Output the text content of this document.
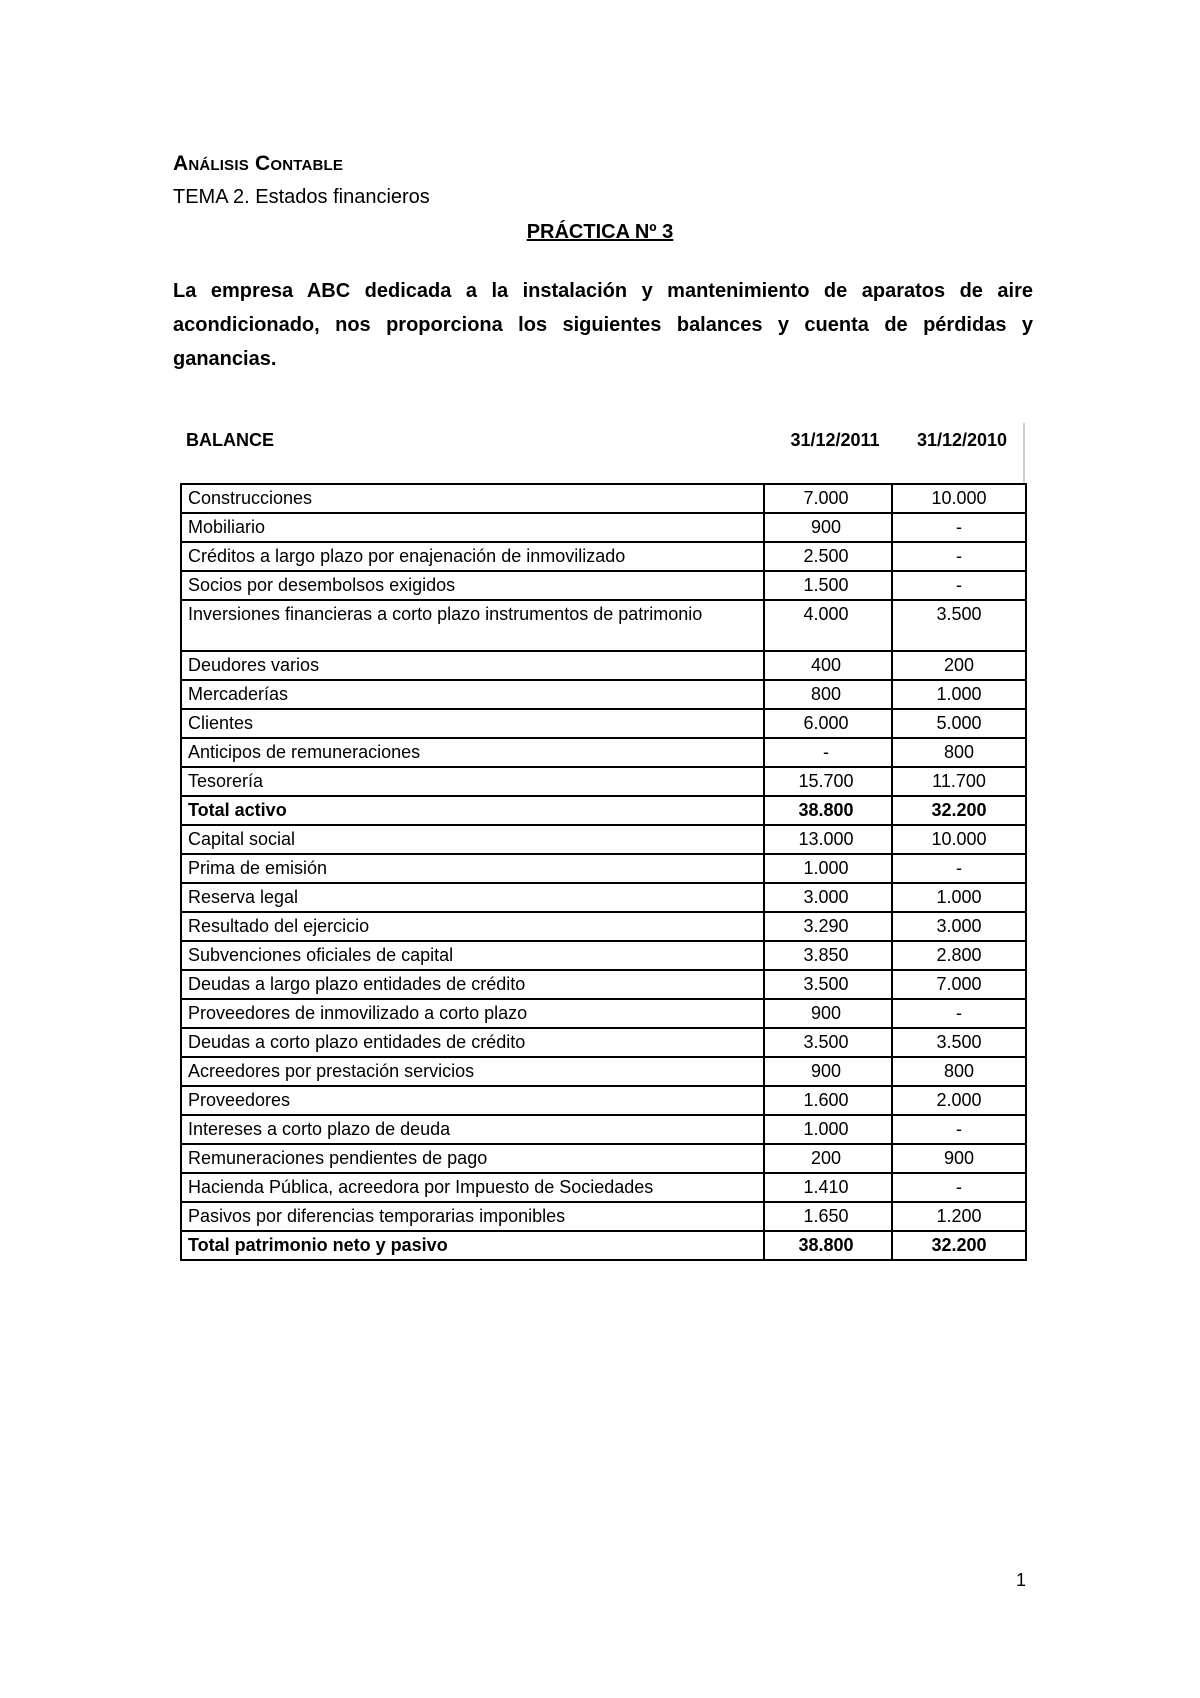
Análisis Contable
TEMA 2. Estados financieros
PRÁCTICA Nº 3

La empresa ABC dedicada a la instalación y mantenimiento de aparatos de aire acondicionado, nos proporciona los siguientes balances y cuenta de pérdidas y ganancias.

BALANCE	31/12/2011	31/12/2010
Construcciones	7.000	10.000
Mobiliario	900	-
Créditos a largo plazo por enajenación de inmovilizado	2.500	-
Socios por desembolsos exigidos	1.500	-
Inversiones financieras a corto plazo instrumentos de patrimonio	4.000	3.500
Deudores varios	400	200
Mercaderías	800	1.000
Clientes	6.000	5.000
Anticipos de remuneraciones	-	800
Tesorería	15.700	11.700
Total activo	38.800	32.200
Capital social	13.000	10.000
Prima de emisión	1.000	-
Reserva legal	3.000	1.000
Resultado del ejercicio	3.290	3.000
Subvenciones oficiales de capital	3.850	2.800
Deudas a largo plazo entidades de crédito	3.500	7.000
Proveedores de inmovilizado a corto plazo	900	-
Deudas a corto plazo entidades de crédito	3.500	3.500
Acreedores por prestación servicios	900	800
Proveedores	1.600	2.000
Intereses a corto plazo de deuda	1.000	-
Remuneraciones pendientes de pago	200	900
Hacienda Pública, acreedora por Impuesto de Sociedades	1.410	-
Pasivos por diferencias temporarias imponibles	1.650	1.200
Total patrimonio neto y pasivo	38.800	32.200
1
